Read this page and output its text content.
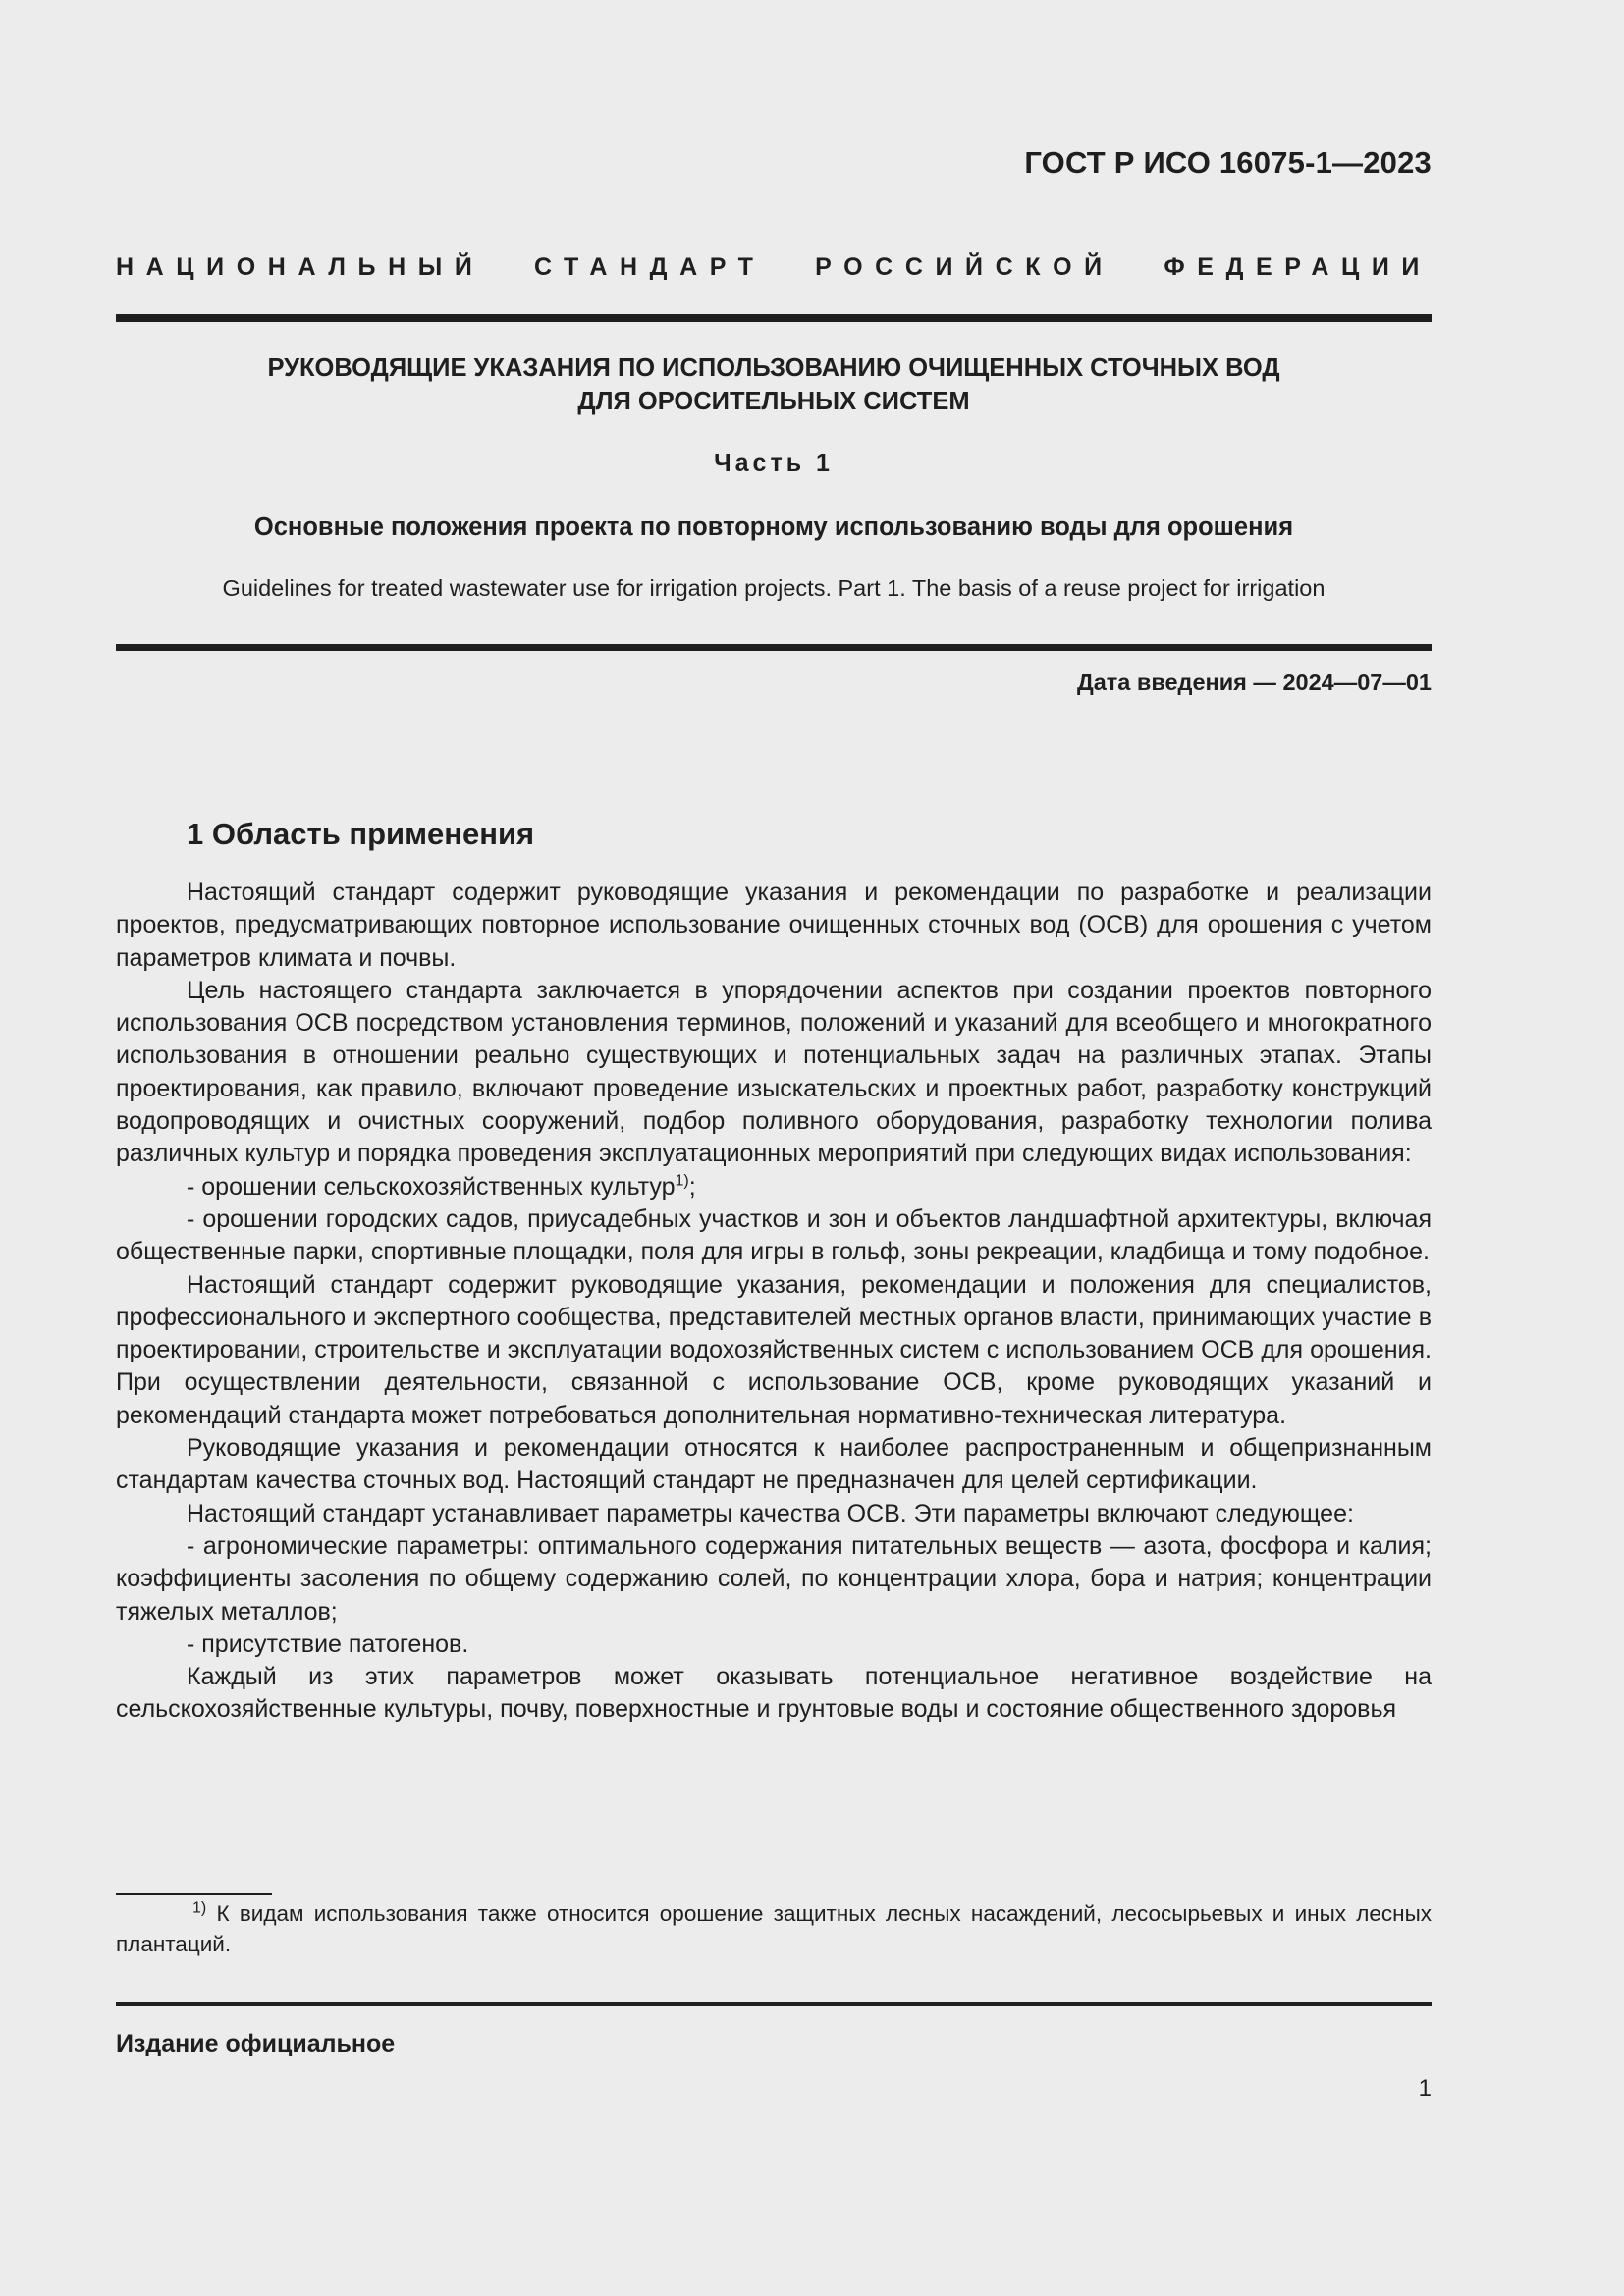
ГОСТ Р ИСО 16075-1—2023
НАЦИОНАЛЬНЫЙ СТАНДАРТ РОССИЙСКОЙ ФЕДЕРАЦИИ
РУКОВОДЯЩИЕ УКАЗАНИЯ ПО ИСПОЛЬЗОВАНИЮ ОЧИЩЕННЫХ СТОЧНЫХ ВОД
ДЛЯ ОРОСИТЕЛЬНЫХ СИСТЕМ
Часть 1
Основные положения проекта по повторному использованию воды для орошения
Guidelines for treated wastewater use for irrigation projects. Part 1. The basis of a reuse project for irrigation
Дата введения — 2024—07—01
1 Область применения

Настоящий стандарт содержит руководящие указания и рекомендации по разработке и реализации проектов, предусматривающих повторное использование очищенных сточных вод (ОСВ) для орошения с учетом параметров климата и почвы.

Цель настоящего стандарта заключается в упорядочении аспектов при создании проектов повторного использования ОСВ посредством установления терминов, положений и указаний для всеобщего и многократного использования в отношении реально существующих и потенциальных задач на различных этапах. Этапы проектирования, как правило, включают проведение изыскательских и проектных работ, разработку конструкций водопроводящих и очистных сооружений, подбор поливного оборудования, разработку технологии полива различных культур и порядка проведения эксплуатационных мероприятий при следующих видах использования:

- орошении сельскохозяйственных культур$^{1)}$;

- орошении городских садов, приусадебных участков и зон и объектов ландшафтной архитектуры, включая общественные парки, спортивные площадки, поля для игры в гольф, зоны рекреации, кладбища и тому подобное.

Настоящий стандарт содержит руководящие указания, рекомендации и положения для специалистов, профессионального и экспертного сообщества, представителей местных органов власти, принимающих участие в проектировании, строительстве и эксплуатации водохозяйственных систем с использованием ОСВ для орошения. При осуществлении деятельности, связанной с использование ОСВ, кроме руководящих указаний и рекомендаций стандарта может потребоваться дополнительная нормативно-техническая литература.

Руководящие указания и рекомендации относятся к наиболее распространенным и общепризнанным стандартам качества сточных вод. Настоящий стандарт не предназначен для целей сертификации.

Настоящий стандарт устанавливает параметры качества ОСВ. Эти параметры включают следующее:

- агрономические параметры: оптимального содержания питательных веществ — азота, фосфора и калия; коэффициенты засоления по общему содержанию солей, по концентрации хлора, бора и натрия; концентрации тяжелых металлов;

- присутствие патогенов.

Каждый из этих параметров может оказывать потенциальное негативное воздействие на сельскохозяйственные культуры, почву, поверхностные и грунтовые воды и состояние общественного здоровья

$^{1)}$ К видам использования также относится орошение защитных лесных насаждений, лесосырьевых и иных лесных плантаций.
Издание официальное
1
